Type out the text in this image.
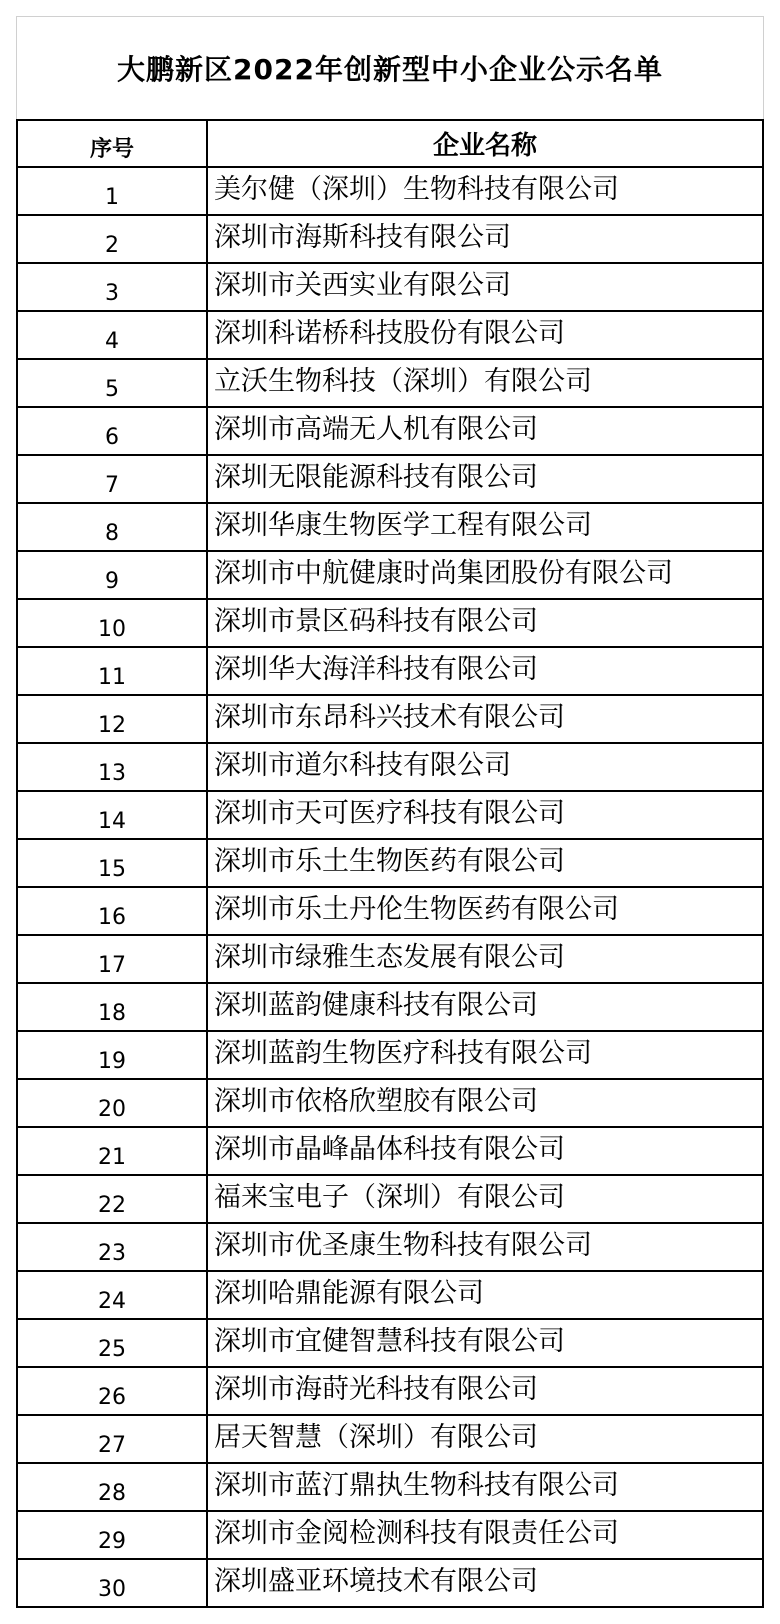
大鹏新区2022年创新型中小企业公示名单
序号	企业名称
1	美尔健（深圳）生物科技有限公司
2	深圳市海斯科技有限公司
3	深圳市关西实业有限公司
4	深圳科诺桥科技股份有限公司
5	立沃生物科技（深圳）有限公司
6	深圳市高端无人机有限公司
7	深圳无限能源科技有限公司
8	深圳华康生物医学工程有限公司
9	深圳市中航健康时尚集团股份有限公司
10	深圳市景区码科技有限公司
11	深圳华大海洋科技有限公司
12	深圳市东昂科兴技术有限公司
13	深圳市道尔科技有限公司
14	深圳市天可医疗科技有限公司
15	深圳市乐土生物医药有限公司
16	深圳市乐土丹伦生物医药有限公司
17	深圳市绿雅生态发展有限公司
18	深圳蓝韵健康科技有限公司
19	深圳蓝韵生物医疗科技有限公司
20	深圳市依格欣塑胶有限公司
21	深圳市晶峰晶体科技有限公司
22	福来宝电子（深圳）有限公司
23	深圳市优圣康生物科技有限公司
24	深圳哈鼎能源有限公司
25	深圳市宜健智慧科技有限公司
26	深圳市海莳光科技有限公司
27	居天智慧（深圳）有限公司
28	深圳市蓝汀鼎执生物科技有限公司
29	深圳市金阅检测科技有限责任公司
30	深圳盛亚环境技术有限公司
